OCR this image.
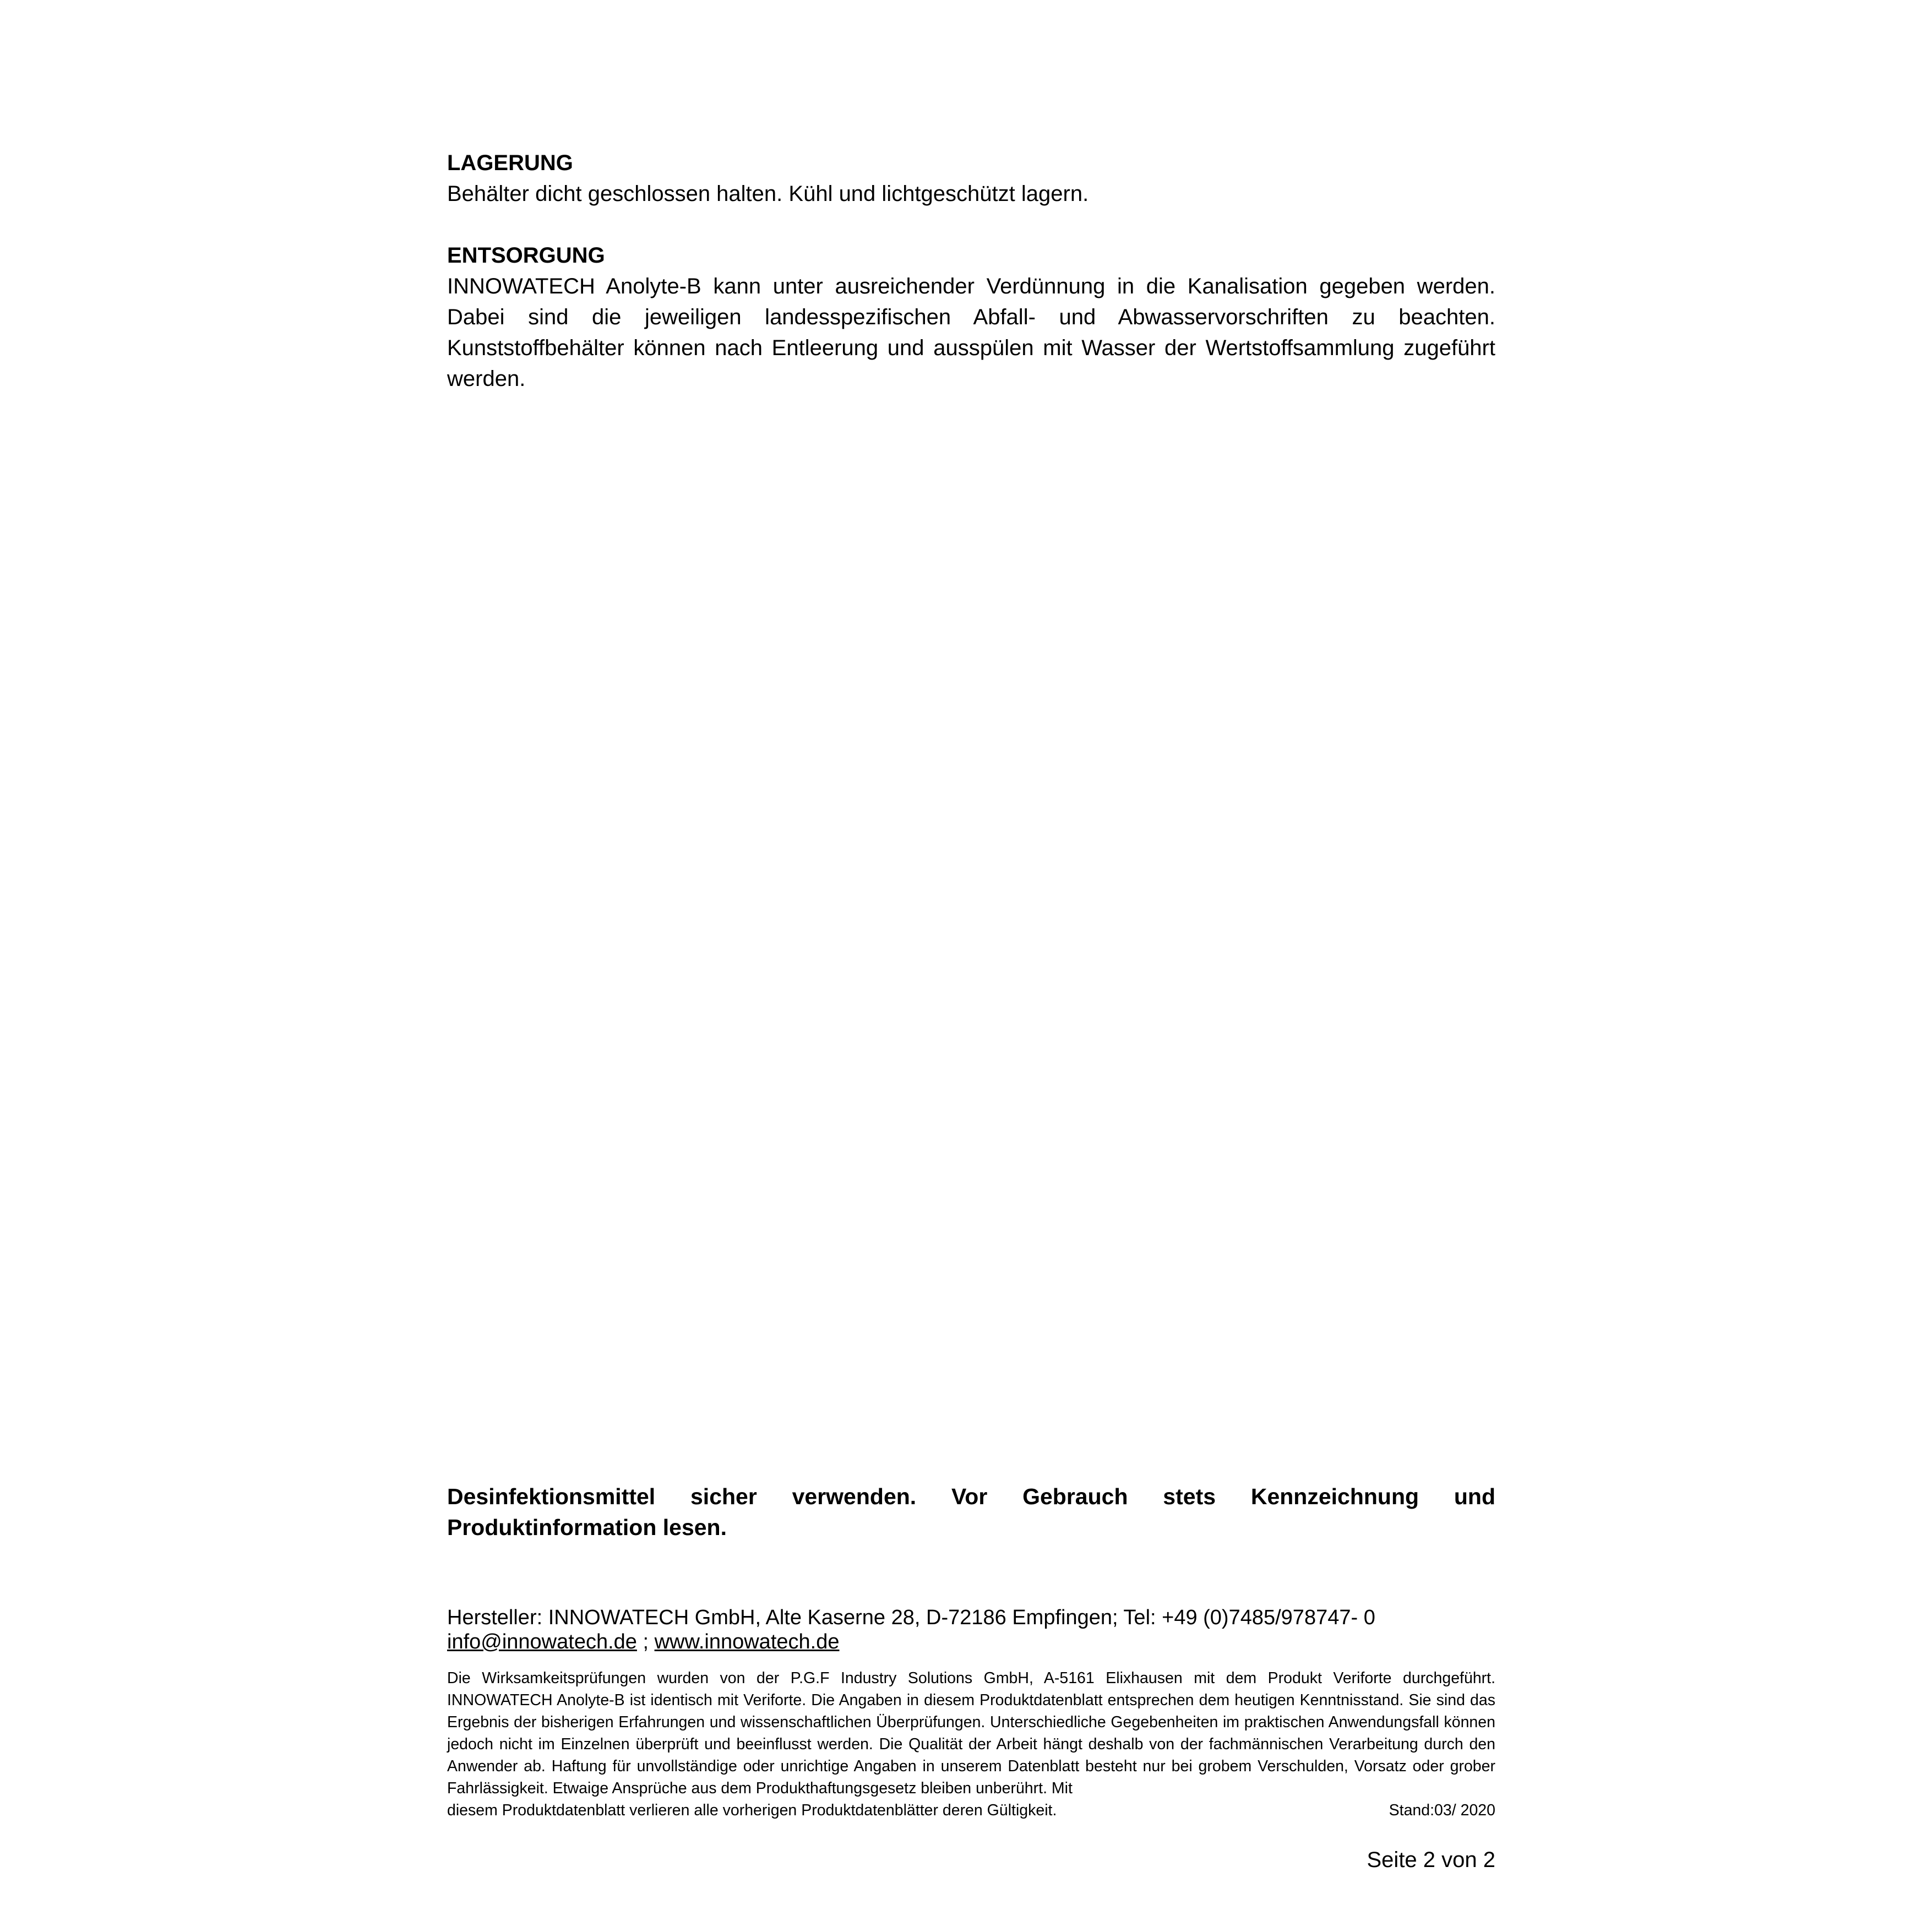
LAGERUNG

Behälter dicht geschlossen halten. Kühl und lichtgeschützt lagern.

ENTSORGUNG

INNOWATECH Anolyte-B kann unter ausreichender Verdünnung in die Kanalisation gegeben werden. Dabei sind die jeweiligen landesspezifischen Abfall- und Abwasservorschriften zu beachten. Kunststoffbehälter können nach Entleerung und ausspülen mit Wasser der Wertstoffsammlung zugeführt werden.

Desinfektionsmittel sicher verwenden. Vor Gebrauch stets Kennzeichnung und Produktinformation lesen.

Hersteller: INNOWATECH GmbH, Alte Kaserne 28, D-72186 Empfingen; Tel: +49 (0)7485/978747- 0

info@innowatech.de ; www.innowatech.de

Die Wirksamkeitsprüfungen wurden von der P.G.F Industry Solutions GmbH, A-5161 Elixhausen mit dem Produkt Veriforte durchgeführt. INNOWATECH Anolyte-B ist identisch mit Veriforte. Die Angaben in diesem Produktdatenblatt entsprechen dem heutigen Kenntnisstand. Sie sind das Ergebnis der bisherigen Erfahrungen und wissenschaftlichen Überprüfungen. Unterschiedliche Gegebenheiten im praktischen Anwendungsfall können jedoch nicht im Einzelnen überprüft und beeinflusst werden. Die Qualität der Arbeit hängt deshalb von der fachmännischen Verarbeitung durch den Anwender ab. Haftung für unvollständige oder unrichtige Angaben in unserem Datenblatt besteht nur bei grobem Verschulden, Vorsatz oder grober Fahrlässigkeit. Etwaige Ansprüche aus dem Produkthaftungsgesetz bleiben unberührt. Mit

diesem Produktdatenblatt verlieren alle vorherigen Produktdatenblätter deren Gültigkeit.	Stand:03/ 2020

Seite 2 von 2
